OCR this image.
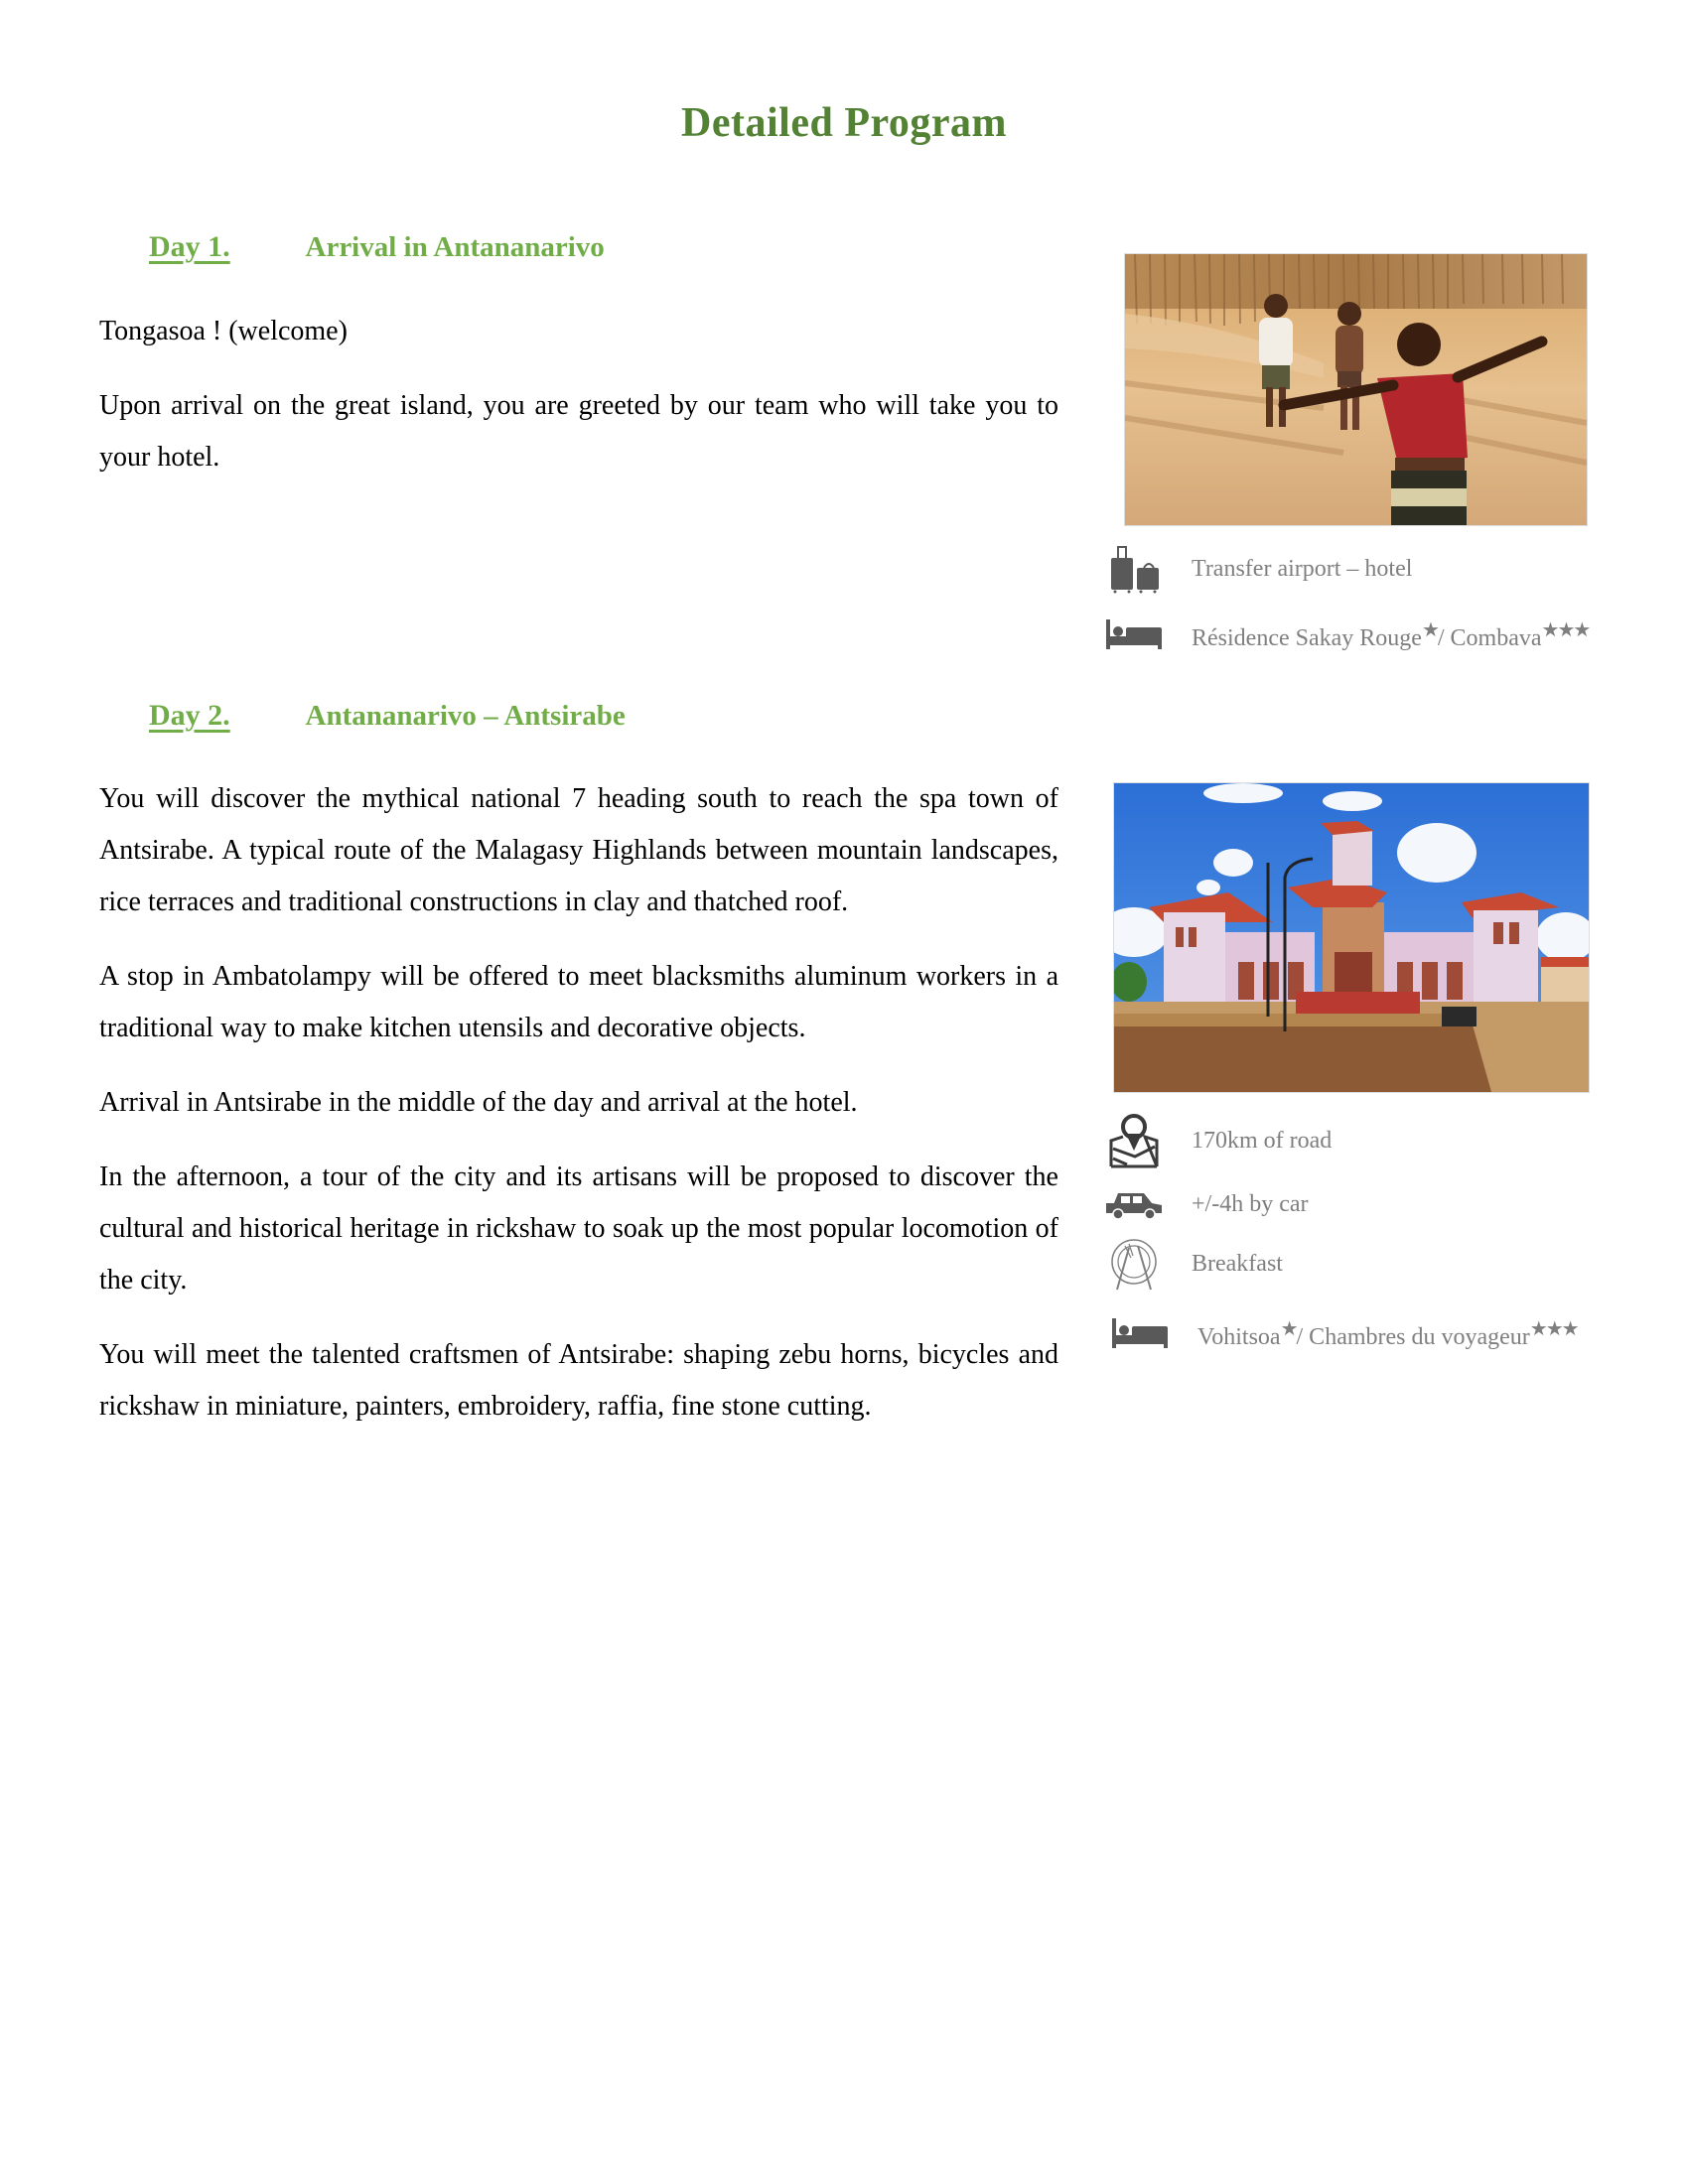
Detailed Program
Day 1.	Arrival in Antananarivo

Tongasoa ! (welcome)

Upon arrival on the great island, you are greeted by our team who will take you to your hotel.

Transfer airport – hotel
Résidence Sakay Rouge★/ Combava★★★
Day 2.	Antananarivo – Antsirabe

You will discover the mythical national 7 heading south to reach the spa town of Antsirabe. A typical route of the Malagasy Highlands between mountain landscapes, rice terraces and traditional constructions in clay and thatched roof.

A stop in Ambatolampy will be offered to meet blacksmiths aluminum workers in a traditional way to make kitchen utensils and decorative objects.

Arrival in Antsirabe in the middle of the day and arrival at the hotel.

In the afternoon, a tour of the city and its artisans will be proposed to discover the cultural and historical heritage in rickshaw to soak up the most popular locomotion of the city.

You will meet the talented craftsmen of Antsirabe: shaping zebu horns, bicycles and rickshaw in miniature, painters, embroidery, raffia, fine stone cutting.

170km of road
+/-4h by car
Breakfast
Vohitsoa★/ Chambres du voyageur★★★
